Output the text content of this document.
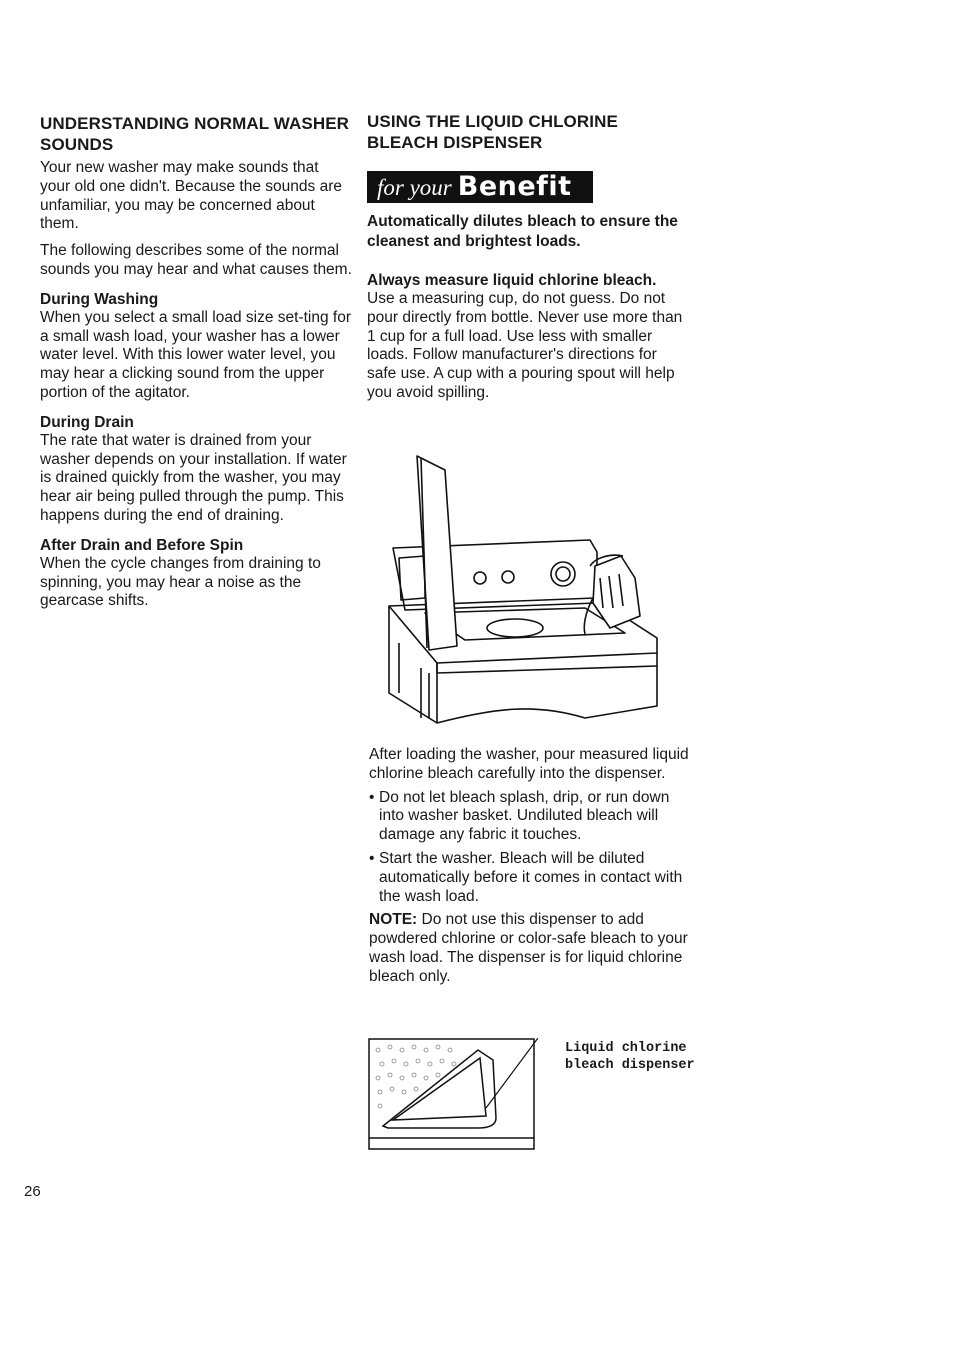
UNDERSTANDING NORMAL WASHER SOUNDS

Your new washer may make sounds that your old one didn't. Because the sounds are unfamiliar, you may be concerned about them.

The following describes some of the normal sounds you may hear and what causes them.

During Washing

When you select a small load size set-ting for a small wash load, your washer has a lower water level. With this lower water level, you may hear a clicking sound from the upper portion of the agitator.

During Drain

The rate that water is drained from your washer depends on your installation. If water is drained quickly from the washer, you may hear air being pulled through the pump. This happens during the end of draining.

After Drain and Before Spin

When the cycle changes from draining to spinning, you may hear a noise as the gearcase shifts.

USING THE LIQUID CHLORINE BLEACH DISPENSER
for your Benefit

Automatically dilutes bleach to ensure the cleanest and brightest loads.

Always measure liquid chlorine bleach.

Use a measuring cup, do not guess. Do not pour directly from bottle. Never use more than 1 cup for a full load. Use less with smaller loads. Follow manufacturer's directions for safe use. A cup with a pouring spout will help you avoid spilling.

After loading the washer, pour measured liquid chlorine bleach carefully into the dispenser.

• Do not let bleach splash, drip, or run down into washer basket. Undiluted bleach will damage any fabric it touches.

• Start the washer. Bleach will be diluted automatically before it comes in contact with the wash load.

NOTE: Do not use this dispenser to add powdered chlorine or color-safe bleach to your wash load. The dispenser is for liquid chlorine bleach only.

Liquid chlorine
bleach dispenser
26
